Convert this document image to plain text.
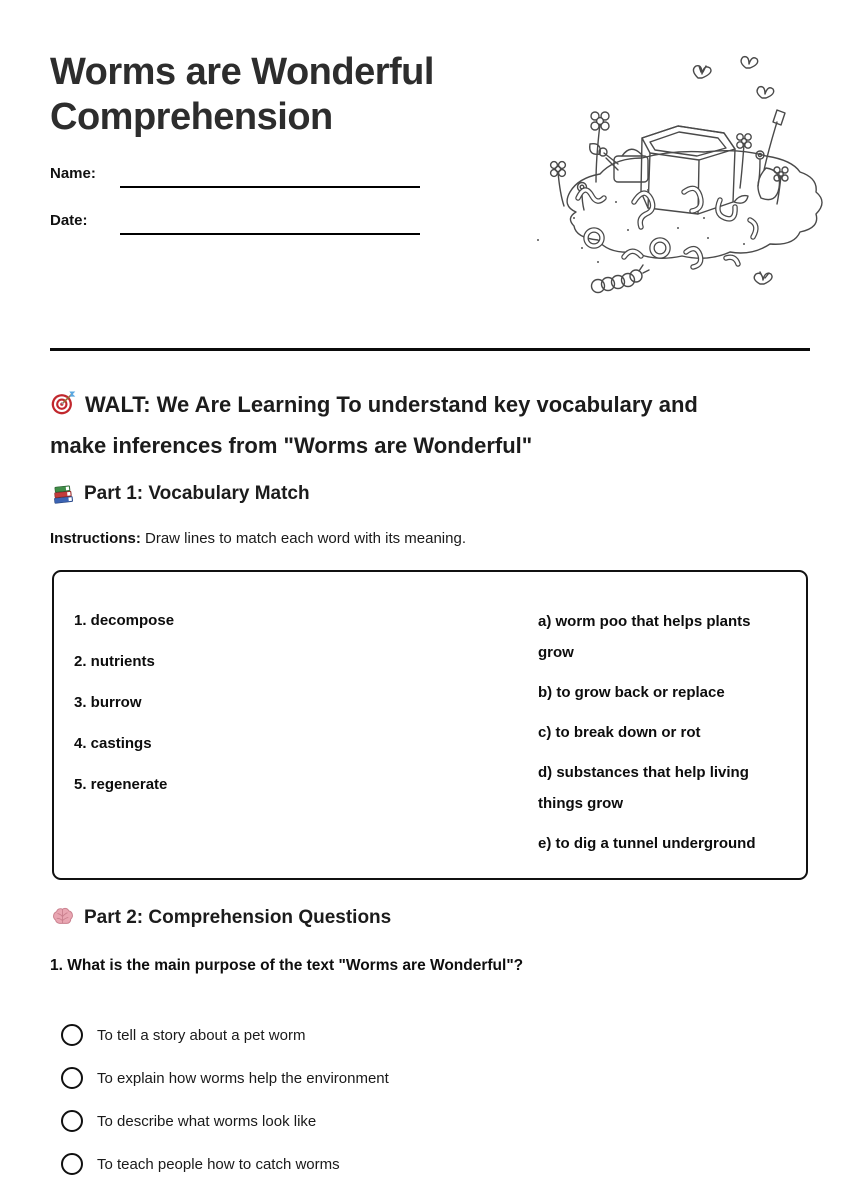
Worms are Wonderful Comprehension
Name:
Date:
WALT: We Are Learning To understand key vocabulary and
make inferences from "Worms are Wonderful"
Part 1: Vocabulary Match

Instructions: Draw lines to match each word with its meaning.

1. decompose
2. nutrients
3. burrow
4. castings
5. regenerate
a) worm poo that helps plants grow
b) to grow back or replace
c) to break down or rot
d) substances that help living things grow
e) to dig a tunnel underground
Part 2: Comprehension Questions
1. What is the main purpose of the text "Worms are Wonderful"?
To tell a story about a pet worm
To explain how worms help the environment
To describe what worms look like
To teach people how to catch worms
